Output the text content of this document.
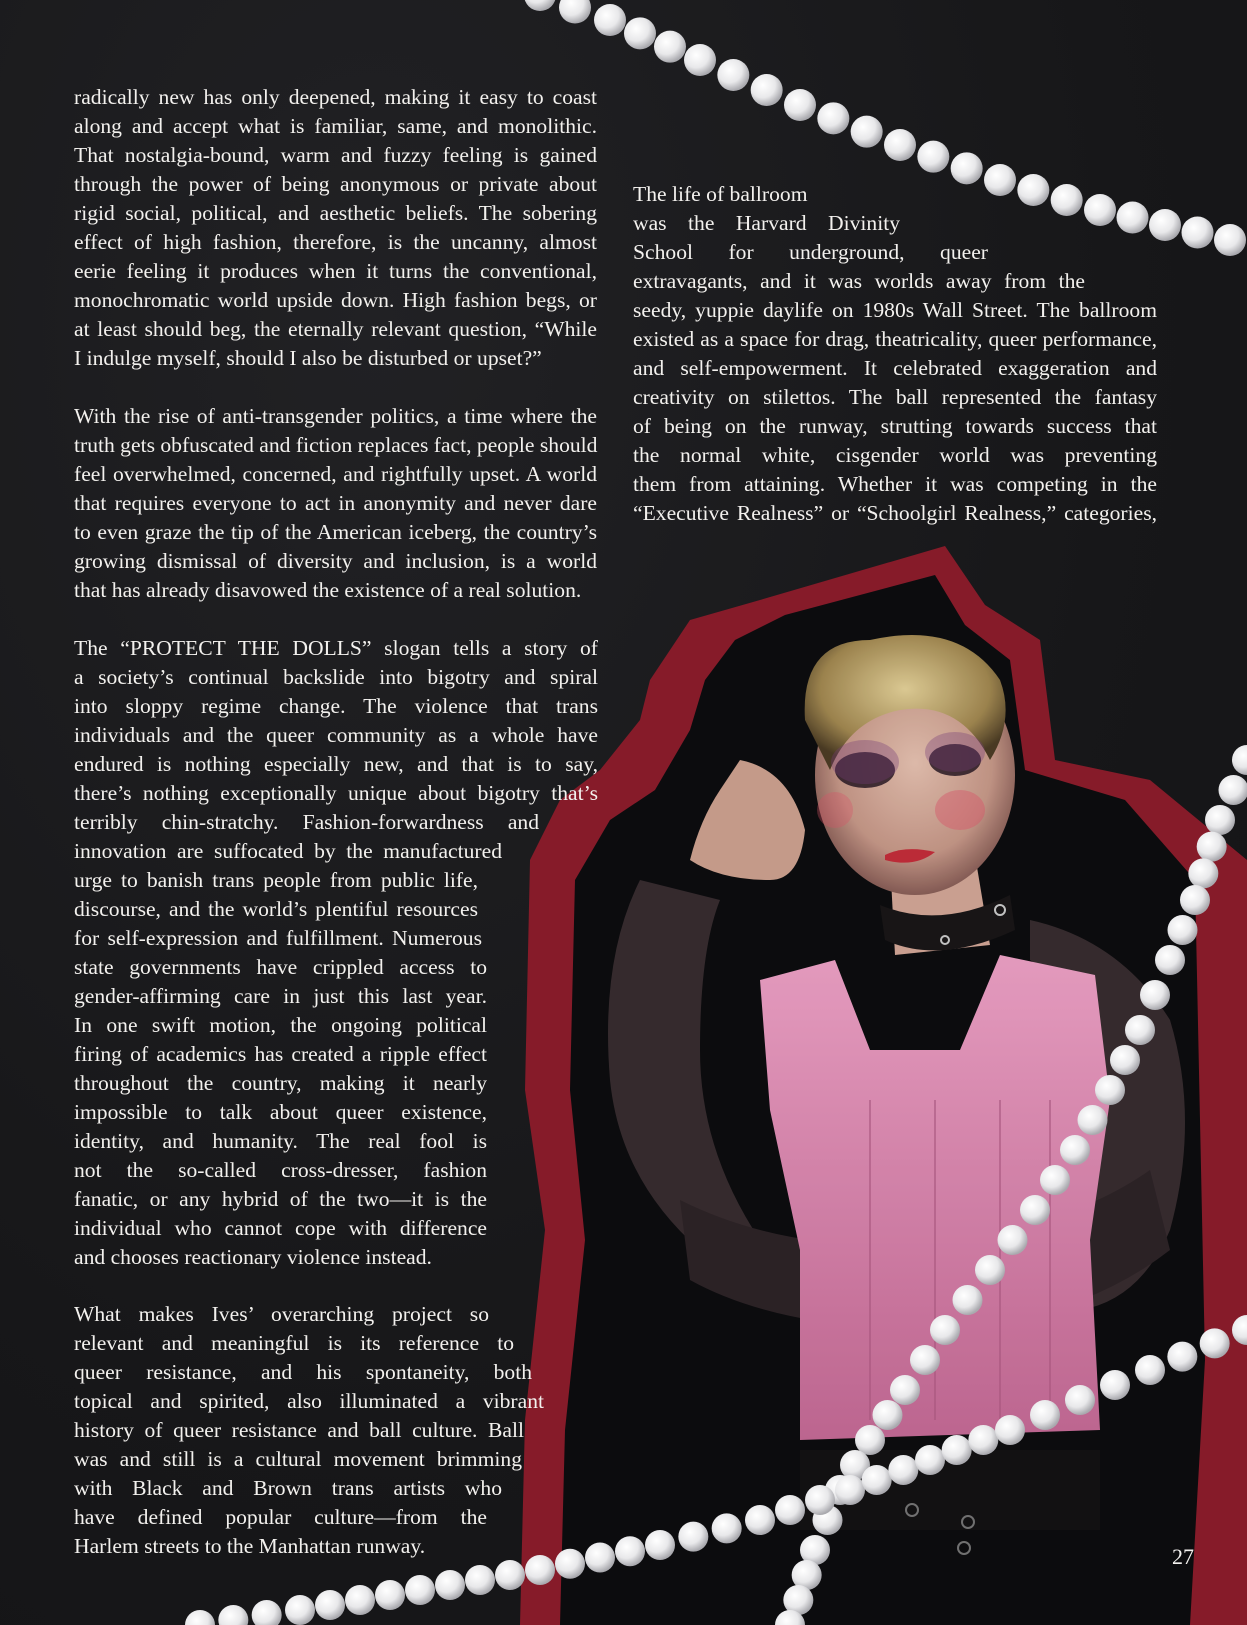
radically new has only deepened, making it easy to coast
along and accept what is familiar, same, and monolithic.
That nostalgia-bound, warm and fuzzy feeling is gained
through the power of being anonymous or private about
rigid social, political, and aesthetic beliefs. The sobering
effect of high fashion, therefore, is the uncanny, almost
eerie feeling it produces when it turns the conventional,
monochromatic world upside down. High fashion begs, or
at least should beg, the eternally relevant question, “While
I indulge myself, should I also be disturbed or upset?”
With the rise of anti-transgender politics, a time where the
truth gets obfuscated and fiction replaces fact, people should
feel overwhelmed, concerned, and rightfully upset. A world
that requires everyone to act in anonymity and never dare
to even graze the tip of the American iceberg, the country’s
growing dismissal of diversity and inclusion, is a world
that has already disavowed the existence of a real solution.
The “PROTECT THE DOLLS” slogan tells a story of
a society’s continual backslide into bigotry and spiral
into sloppy regime change. The violence that trans
individuals and the queer community as a whole have
endured is nothing especially new, and that is to say,
there’s nothing exceptionally unique about bigotry that’s
terribly chin-stratchy. Fashion-forwardness and
innovation are suffocated by the manufactured
urge to banish trans people from public life,
discourse, and the world’s plentiful resources
for self-expression and fulfillment. Numerous
state governments have crippled access to
gender-affirming care in just this last year.
In one swift motion, the ongoing political
firing of academics has created a ripple effect
throughout the country, making it nearly
impossible to talk about queer existence,
identity, and humanity. The real fool is
not the so-called cross-dresser, fashion
fanatic, or any hybrid of the two—it is the
individual who cannot cope with difference
and chooses reactionary violence instead.
What makes Ives’ overarching project so
relevant and meaningful is its reference to
queer resistance, and his spontaneity, both
topical and spirited, also illuminated a vibrant
history of queer resistance and ball culture. Ball
was and still is a cultural movement brimming
with Black and Brown trans artists who
have defined popular culture—from the
Harlem streets to the Manhattan runway.
The life of ballroom
was the Harvard Divinity
School for underground, queer
extravagants, and it was worlds away from the
seedy, yuppie daylife on 1980s Wall Street. The ballroom
existed as a space for drag, theatricality, queer performance,
and self-empowerment. It celebrated exaggeration and
creativity on stilettos. The ball represented the fantasy
of being on the runway, strutting towards success that
the normal white, cisgender world was preventing
them from attaining. Whether it was competing in the
“Executive Realness” or “Schoolgirl Realness,” categories,
27
